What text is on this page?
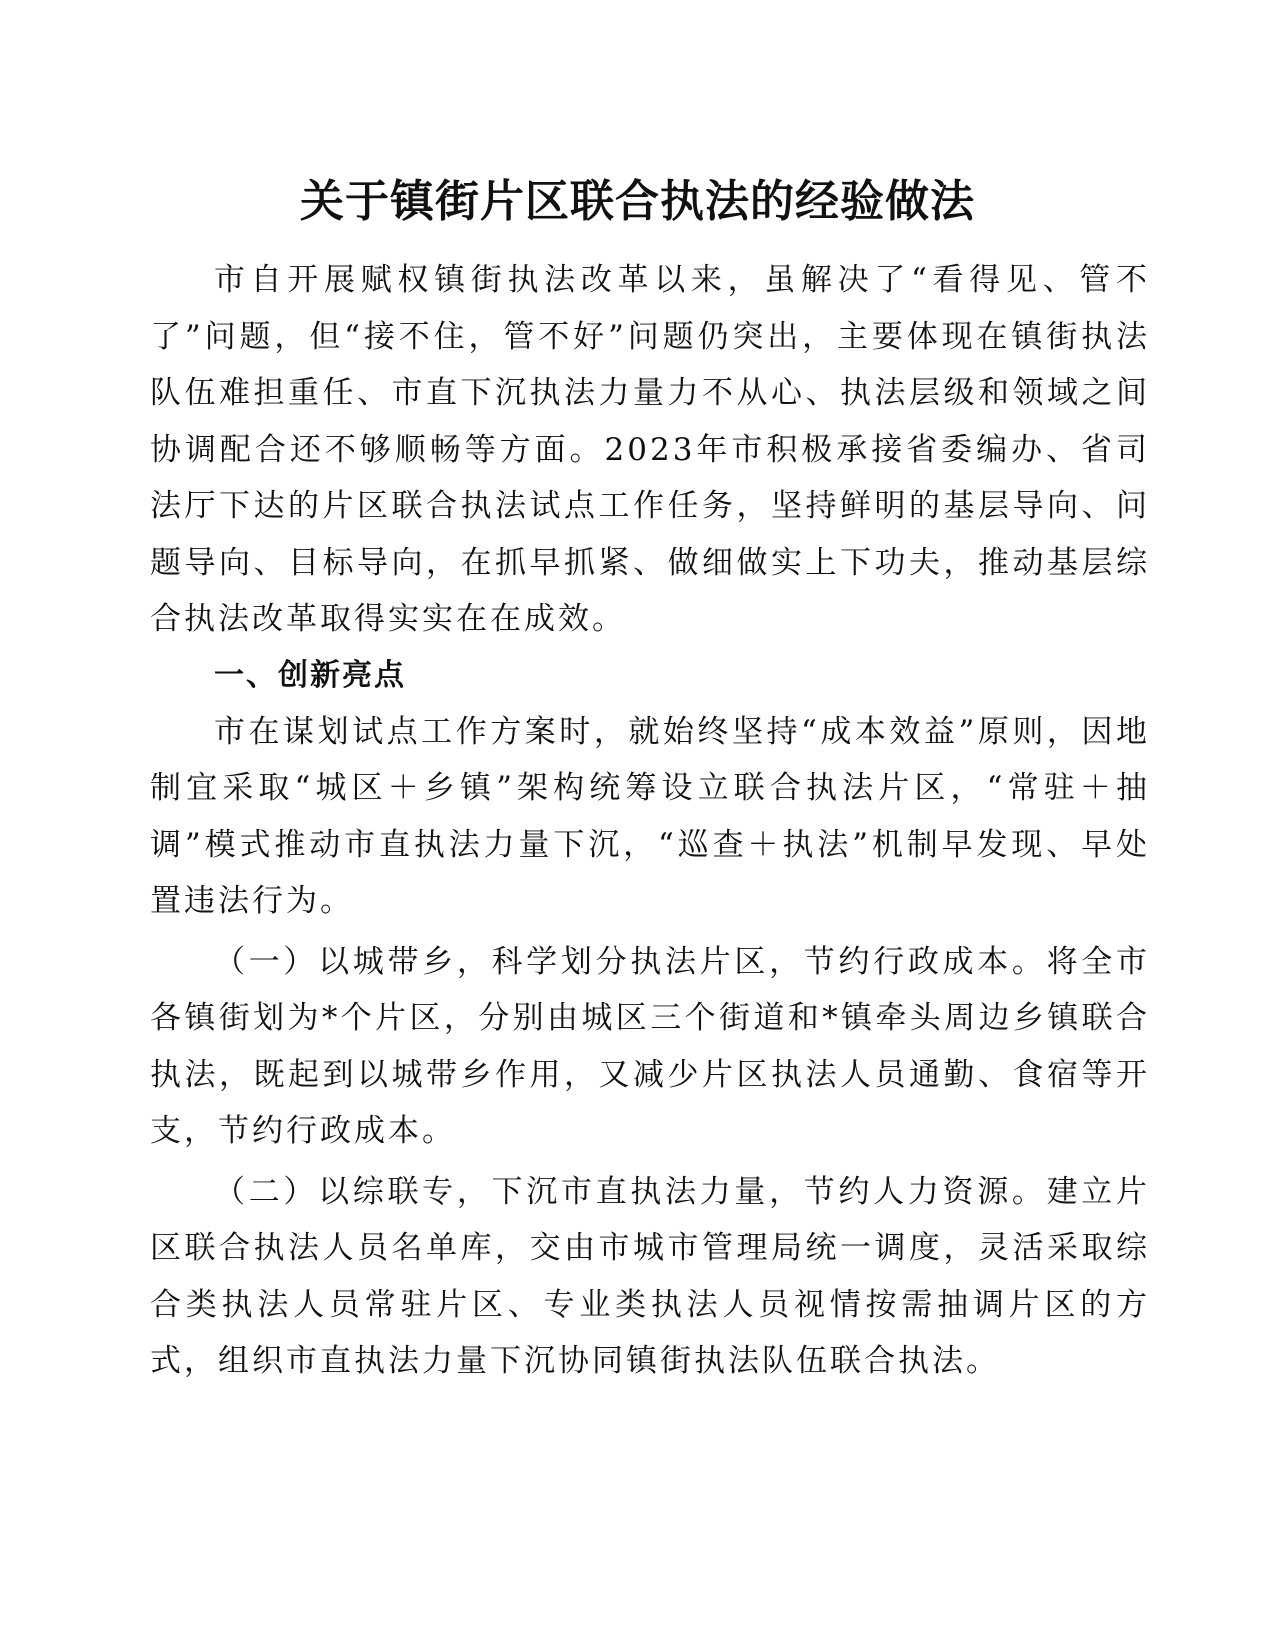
关于镇街片区联合执法的经验做法

市自开展赋权镇街执法改革以来，虽解决了“看得见、管不了”问题，但“接不住，管不好”问题仍突出，主要体现在镇街执法队伍难担重任、市直下沉执法力量力不从心、执法层级和领域之间协调配合还不够顺畅等方面。2023年市积极承接省委编办、省司法厅下达的片区联合执法试点工作任务，坚持鲜明的基层导向、问题导向、目标导向，在抓早抓紧、做细做实上下功夫，推动基层综合执法改革取得实实在在成效。

一、创新亮点

市在谋划试点工作方案时，就始终坚持“成本效益”原则，因地制宜采取“城区＋乡镇”架构统筹设立联合执法片区，“常驻＋抽调”模式推动市直执法力量下沉，“巡查＋执法”机制早发现、早处置违法行为。

（一）以城带乡，科学划分执法片区，节约行政成本。将全市各镇街划为*个片区，分别由城区三个街道和*镇牵头周边乡镇联合执法，既起到以城带乡作用，又减少片区执法人员通勤、食宿等开支，节约行政成本。

（二）以综联专，下沉市直执法力量，节约人力资源。建立片区联合执法人员名单库，交由市城市管理局统一调度，灵活采取综合类执法人员常驻片区、专业类执法人员视情按需抽调片区的方式，组织市直执法力量下沉协同镇街执法队伍联合执法。
